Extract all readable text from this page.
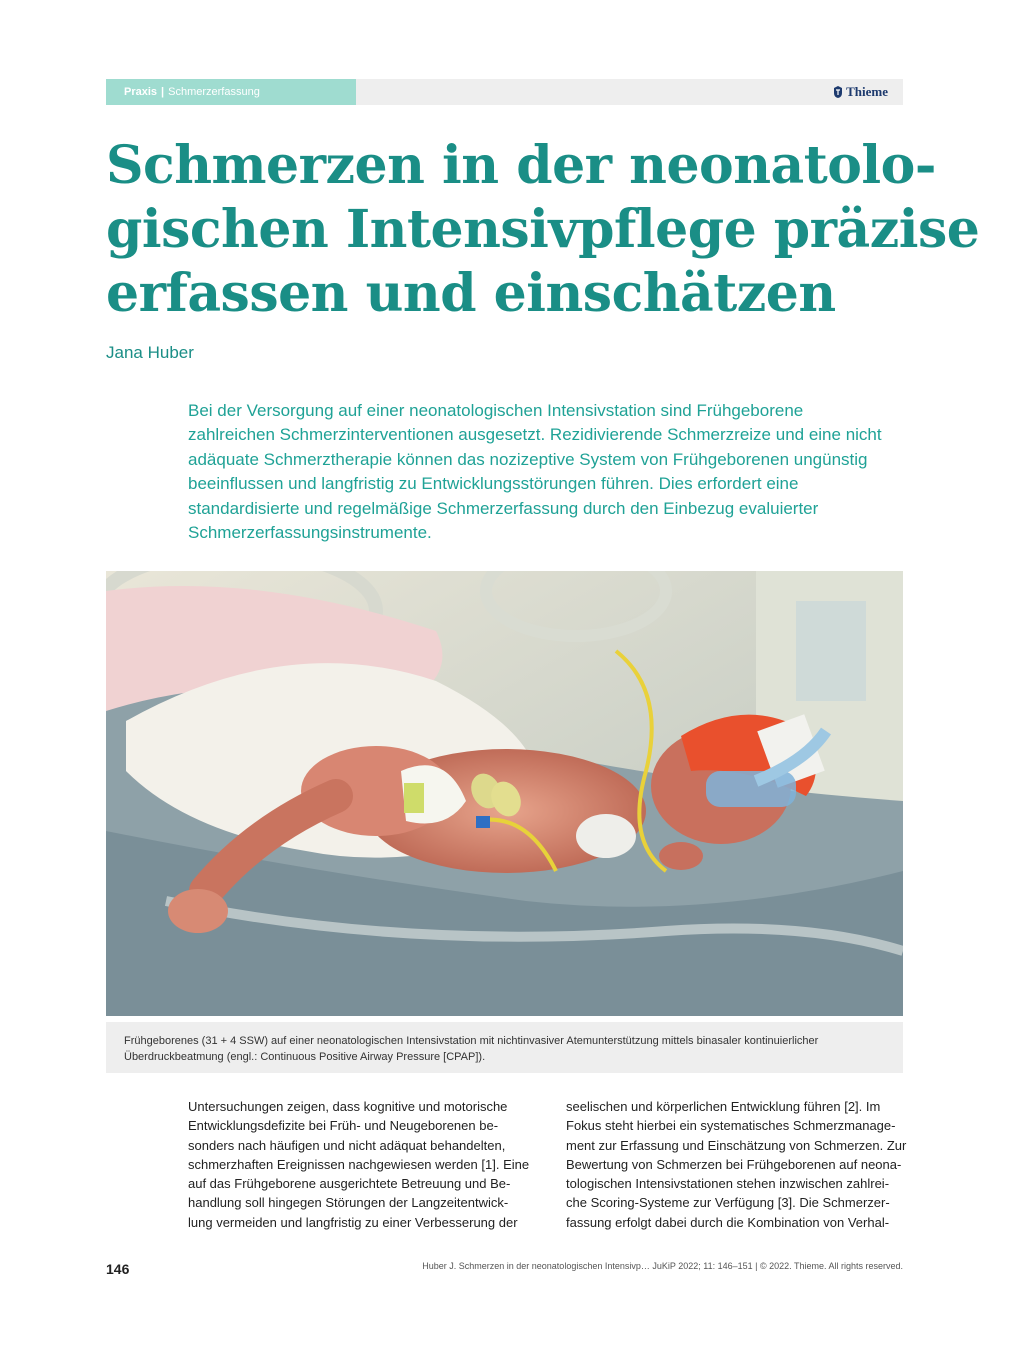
Praxis | Schmerzerfassung	Thieme
Schmerzen in der neonatolo-
gischen Intensivpflege präzise
erfassen und einschätzen
Jana Huber
Bei der Versorgung auf einer neonatologischen Intensivstation sind Frühgeborene
zahlreichen Schmerzinterventionen ausgesetzt. Rezidivierende Schmerzreize und eine nicht
adäquate Schmerztherapie können das nozizeptive System von Frühgeborenen ungünstig
beeinflussen und langfristig zu Entwicklungsstörungen führen. Dies erfordert eine
standardisierte und regelmäßige Schmerzerfassung durch den Einbezug evaluierter
Schmerzerfassungsinstrumente.
Frühgeborenes (31 + 4 SSW) auf einer neonatologischen Intensivstation mit nichtinvasiver Atemunterstützung mittels binasaler kontinuierlicher
Überdruckbeatmung (engl.: Continuous Positive Airway Pressure [CPAP]).
Untersuchungen zeigen, dass kognitive und motorische
Entwicklungsdefizite bei Früh- und Neugeborenen be-
sonders nach häufigen und nicht adäquat behandelten,
schmerzhaften Ereignissen nachgewiesen werden [1]. Eine
auf das Frühgeborene ausgerichtete Betreuung und Be-
handlung soll hingegen Störungen der Langzeitentwick-
lung vermeiden und langfristig zu einer Verbesserung der
seelischen und körperlichen Entwicklung führen [2]. Im
Fokus steht hierbei ein systematisches Schmerzmanage-
ment zur Erfassung und Einschätzung von Schmerzen. Zur
Bewertung von Schmerzen bei Frühgeborenen auf neona-
tologischen Intensivstationen stehen inzwischen zahlrei-
che Scoring-Systeme zur Verfügung [3]. Die Schmerzer-
fassung erfolgt dabei durch die Kombination von Verhal-
146	Huber J. Schmerzen in der neonatologischen Intensivp… JuKiP 2022; 11: 146–151 | © 2022. Thieme. All rights reserved.
